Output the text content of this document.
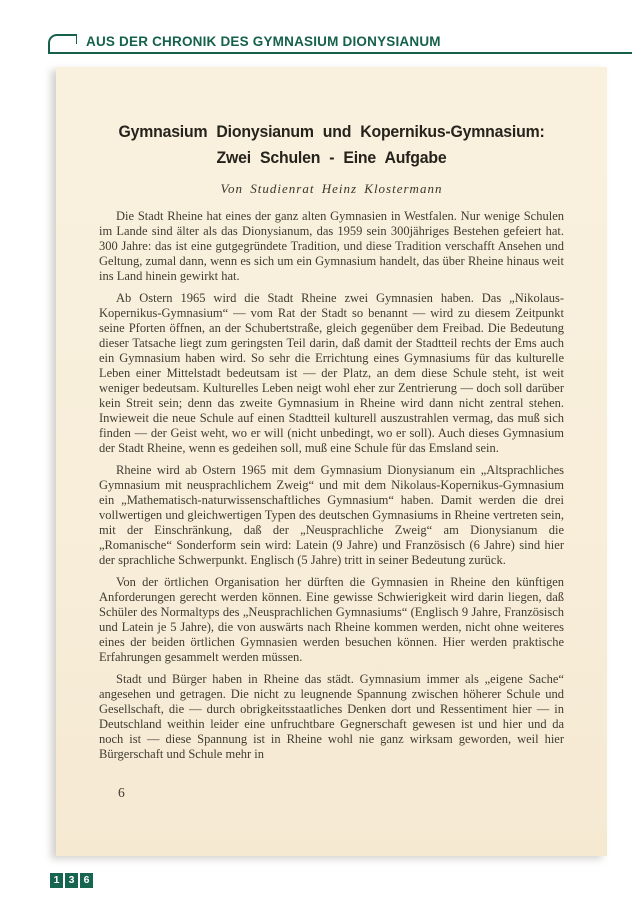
AUS DER CHRONIK DES GYMNASIUM DIONYSIANUM
Gymnasium Dionysianum und Kopernikus-Gymnasium:
Zwei Schulen - Eine Aufgabe
Von Studienrat Heinz Klostermann

Die Stadt Rheine hat eines der ganz alten Gymnasien in Westfalen. Nur wenige Schulen im Lande sind älter als das Dionysianum, das 1959 sein 300jähriges Bestehen gefeiert hat. 300 Jahre: das ist eine gutgegründete Tradition, und diese Tradition verschafft Ansehen und Geltung, zumal dann, wenn es sich um ein Gymnasium handelt, das über Rheine hinaus weit ins Land hinein gewirkt hat.

Ab Ostern 1965 wird die Stadt Rheine zwei Gymnasien haben. Das „Nikolaus-Kopernikus-Gymnasium“ — vom Rat der Stadt so benannt — wird zu diesem Zeitpunkt seine Pforten öffnen, an der Schubertstraße, gleich gegenüber dem Freibad. Die Bedeutung dieser Tatsache liegt zum geringsten Teil darin, daß damit der Stadtteil rechts der Ems auch ein Gymnasium haben wird. So sehr die Errichtung eines Gymnasiums für das kulturelle Leben einer Mittelstadt bedeutsam ist — der Platz, an dem diese Schule steht, ist weit weniger bedeutsam. Kulturelles Leben neigt wohl eher zur Zentrierung — doch soll darüber kein Streit sein; denn das zweite Gymnasium in Rheine wird dann nicht zentral stehen. Inwieweit die neue Schule auf einen Stadtteil kulturell auszustrahlen vermag, das muß sich finden — der Geist weht, wo er will (nicht unbedingt, wo er soll). Auch dieses Gymnasium der Stadt Rheine, wenn es gedeihen soll, muß eine Schule für das Emsland sein.

Rheine wird ab Ostern 1965 mit dem Gymnasium Dionysianum ein „Altsprachliches Gymnasium mit neusprachlichem Zweig“ und mit dem Nikolaus-Kopernikus-Gymnasium ein „Mathematisch-naturwissenschaftliches Gymnasium“ haben. Damit werden die drei vollwertigen und gleichwertigen Typen des deutschen Gymnasiums in Rheine vertreten sein, mit der Einschränkung, daß der „Neusprachliche Zweig“ am Dionysianum die „Romanische“ Sonderform sein wird: Latein (9 Jahre) und Französisch (6 Jahre) sind hier der sprachliche Schwerpunkt. Englisch (5 Jahre) tritt in seiner Bedeutung zurück.

Von der örtlichen Organisation her dürften die Gymnasien in Rheine den künftigen Anforderungen gerecht werden können. Eine gewisse Schwierigkeit wird darin liegen, daß Schüler des Normaltyps des „Neusprachlichen Gymnasiums“ (Englisch 9 Jahre, Französisch und Latein je 5 Jahre), die von auswärts nach Rheine kommen werden, nicht ohne weiteres eines der beiden örtlichen Gymnasien werden besuchen können. Hier werden praktische Erfahrungen gesammelt werden müssen.

Stadt und Bürger haben in Rheine das städt. Gymnasium immer als „eigene Sache“ angesehen und getragen. Die nicht zu leugnende Spannung zwischen höherer Schule und Gesellschaft, die — durch obrigkeitsstaatliches Denken dort und Ressentiment hier — in Deutschland weithin leider eine unfruchtbare Gegnerschaft gewesen ist und hier und da noch ist — diese Spannung ist in Rheine wohl nie ganz wirksam geworden, weil hier Bürgerschaft und Schule mehr in

6
1 3 6
